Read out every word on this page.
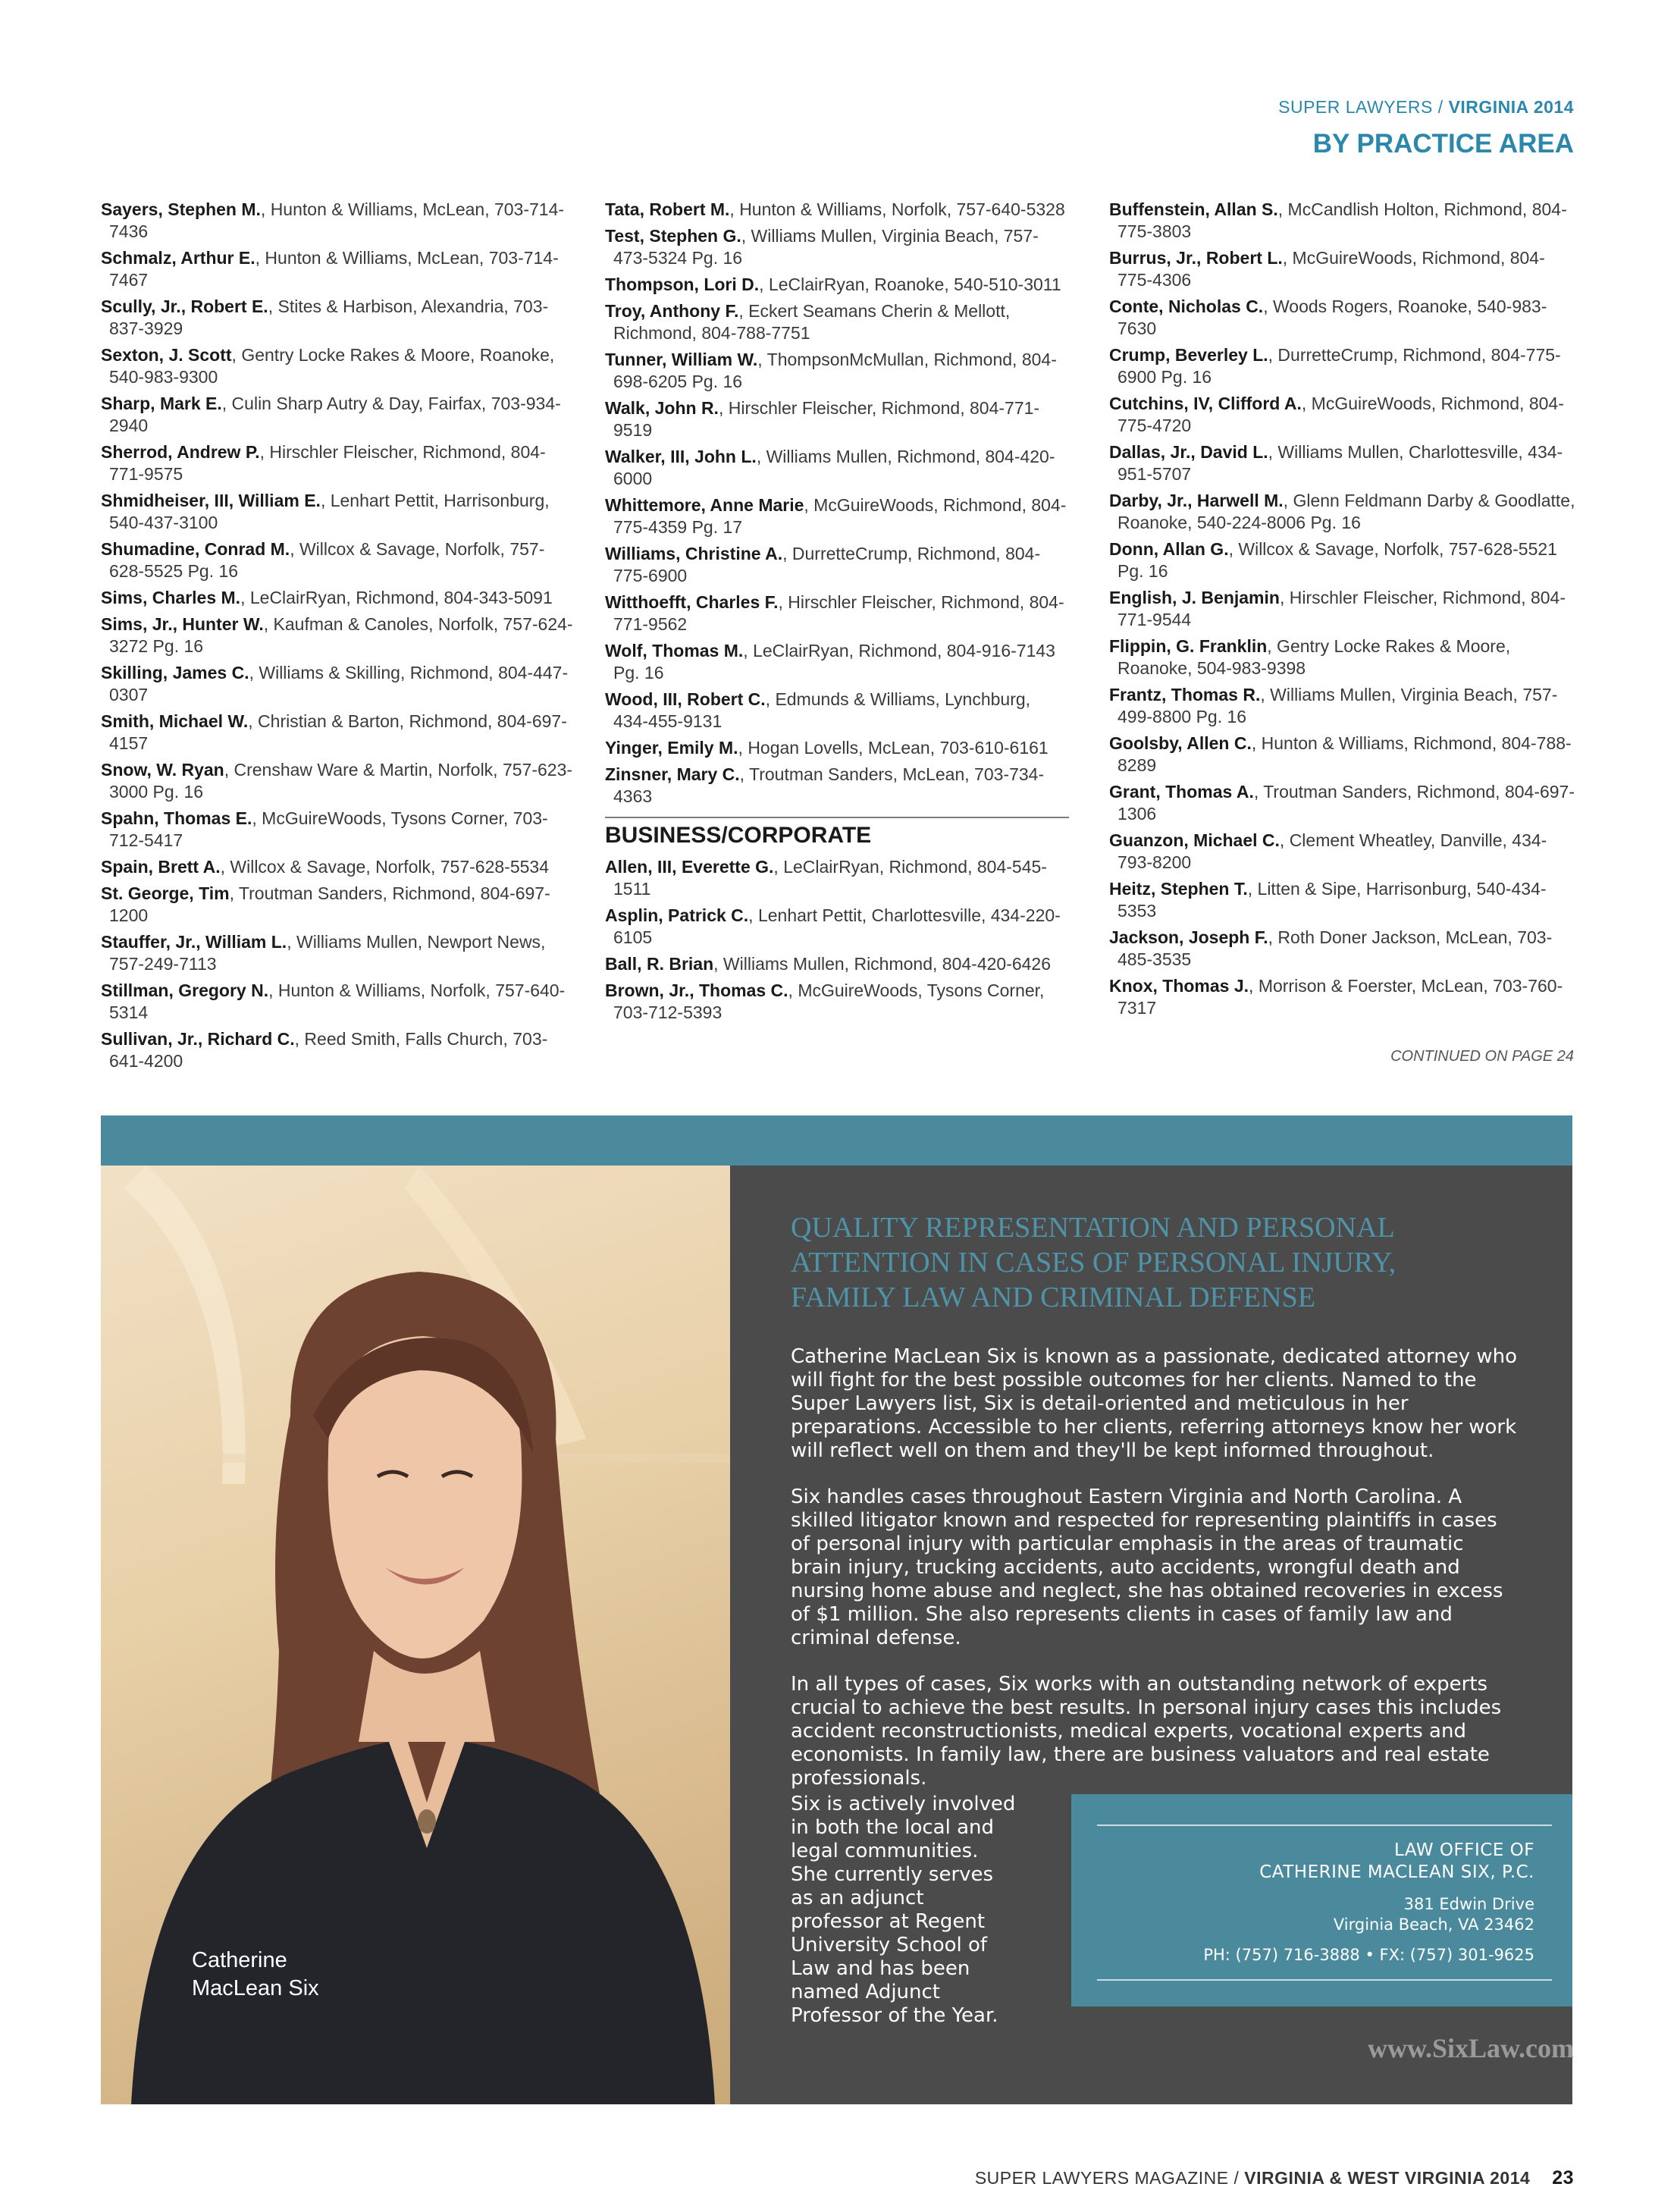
SUPER LAWYERS / VIRGINIA 2014
BY PRACTICE AREA
Sayers, Stephen M., Hunton & Williams, McLean, 703-714-7436
Schmalz, Arthur E., Hunton & Williams, McLean, 703-714-7467
Scully, Jr., Robert E., Stites & Harbison, Alexandria, 703-837-3929
Sexton, J. Scott, Gentry Locke Rakes & Moore, Roanoke, 540-983-9300
Sharp, Mark E., Culin Sharp Autry & Day, Fairfax, 703-934-2940
Sherrod, Andrew P., Hirschler Fleischer, Richmond, 804-771-9575
Shmidheiser, III, William E., Lenhart Pettit, Harrisonburg, 540-437-3100
Shumadine, Conrad M., Willcox & Savage, Norfolk, 757-628-5525 Pg. 16
Sims, Charles M., LeClairRyan, Richmond, 804-343-5091
Sims, Jr., Hunter W., Kaufman & Canoles, Norfolk, 757-624-3272 Pg. 16
Skilling, James C., Williams & Skilling, Richmond, 804-447-0307
Smith, Michael W., Christian & Barton, Richmond, 804-697-4157
Snow, W. Ryan, Crenshaw Ware & Martin, Norfolk, 757-623-3000 Pg. 16
Spahn, Thomas E., McGuireWoods, Tysons Corner, 703-712-5417
Spain, Brett A., Willcox & Savage, Norfolk, 757-628-5534
St. George, Tim, Troutman Sanders, Richmond, 804-697-1200
Stauffer, Jr., William L., Williams Mullen, Newport News, 757-249-7113
Stillman, Gregory N., Hunton & Williams, Norfolk, 757-640-5314
Sullivan, Jr., Richard C., Reed Smith, Falls Church, 703-641-4200
Tata, Robert M., Hunton & Williams, Norfolk, 757-640-5328
Test, Stephen G., Williams Mullen, Virginia Beach, 757-473-5324 Pg. 16
Thompson, Lori D., LeClairRyan, Roanoke, 540-510-3011
Troy, Anthony F., Eckert Seamans Cherin & Mellott, Richmond, 804-788-7751
Tunner, William W., ThompsonMcMullan, Richmond, 804-698-6205 Pg. 16
Walk, John R., Hirschler Fleischer, Richmond, 804-771-9519
Walker, III, John L., Williams Mullen, Richmond, 804-420-6000
Whittemore, Anne Marie, McGuireWoods, Richmond, 804-775-4359 Pg. 17
Williams, Christine A., DurretteCrump, Richmond, 804-775-6900
Witthoefft, Charles F., Hirschler Fleischer, Richmond, 804-771-9562
Wolf, Thomas M., LeClairRyan, Richmond, 804-916-7143 Pg. 16
Wood, III, Robert C., Edmunds & Williams, Lynchburg, 434-455-9131
Yinger, Emily M., Hogan Lovells, McLean, 703-610-6161
Zinsner, Mary C., Troutman Sanders, McLean, 703-734-4363
BUSINESS/CORPORATE
Allen, III, Everette G., LeClairRyan, Richmond, 804-545-1511
Asplin, Patrick C., Lenhart Pettit, Charlottesville, 434-220-6105
Ball, R. Brian, Williams Mullen, Richmond, 804-420-6426
Brown, Jr., Thomas C., McGuireWoods, Tysons Corner, 703-712-5393
Buffenstein, Allan S., McCandlish Holton, Richmond, 804-775-3803
Burrus, Jr., Robert L., McGuireWoods, Richmond, 804-775-4306
Conte, Nicholas C., Woods Rogers, Roanoke, 540-983-7630
Crump, Beverley L., DurretteCrump, Richmond, 804-775-6900 Pg. 16
Cutchins, IV, Clifford A., McGuireWoods, Richmond, 804-775-4720
Dallas, Jr., David L., Williams Mullen, Charlottesville, 434-951-5707
Darby, Jr., Harwell M., Glenn Feldmann Darby & Goodlatte, Roanoke, 540-224-8006 Pg. 16
Donn, Allan G., Willcox & Savage, Norfolk, 757-628-5521 Pg. 16
English, J. Benjamin, Hirschler Fleischer, Richmond, 804-771-9544
Flippin, G. Franklin, Gentry Locke Rakes & Moore, Roanoke, 504-983-9398
Frantz, Thomas R., Williams Mullen, Virginia Beach, 757-499-8800 Pg. 16
Goolsby, Allen C., Hunton & Williams, Richmond, 804-788-8289
Grant, Thomas A., Troutman Sanders, Richmond, 804-697-1306
Guanzon, Michael C., Clement Wheatley, Danville, 434-793-8200
Heitz, Stephen T., Litten & Sipe, Harrisonburg, 540-434-5353
Jackson, Joseph F., Roth Doner Jackson, McLean, 703-485-3535
Knox, Thomas J., Morrison & Foerster, McLean, 703-760-7317
CONTINUED ON PAGE 24
Catherine
MacLean Six
QUALITY REPRESENTATION AND PERSONAL ATTENTION IN CASES OF PERSONAL INJURY, FAMILY LAW AND CRIMINAL DEFENSE

Catherine MacLean Six is known as a passionate, dedicated attorney who will fight for the best possible outcomes for her clients. Named to the Super Lawyers list, Six is detail-oriented and meticulous in her preparations. Accessible to her clients, referring attorneys know her work will reflect well on them and they'll be kept informed throughout.

Six handles cases throughout Eastern Virginia and North Carolina. A skilled litigator known and respected for representing plaintiffs in cases of personal injury with particular emphasis in the areas of traumatic brain injury, trucking accidents, auto accidents, wrongful death and nursing home abuse and neglect, she has obtained recoveries in excess of $1 million. She also represents clients in cases of family law and criminal defense.

In all types of cases, Six works with an outstanding network of experts crucial to achieve the best results. In personal injury cases this includes accident reconstructionists, medical experts, vocational experts and economists. In family law, there are business valuators and real estate professionals.

Six is actively involved in both the local and legal communities. She currently serves as an adjunct professor at Regent University School of Law and has been named Adjunct Professor of the Year.

LAW OFFICE OF
CATHERINE MACLEAN SIX, P.C.
381 Edwin Drive
Virginia Beach, VA 23462
PH: (757) 716-3888 • FX: (757) 301-9625
www.SixLaw.com
SUPER LAWYERS MAGAZINE / VIRGINIA & WEST VIRGINIA 2014 23
